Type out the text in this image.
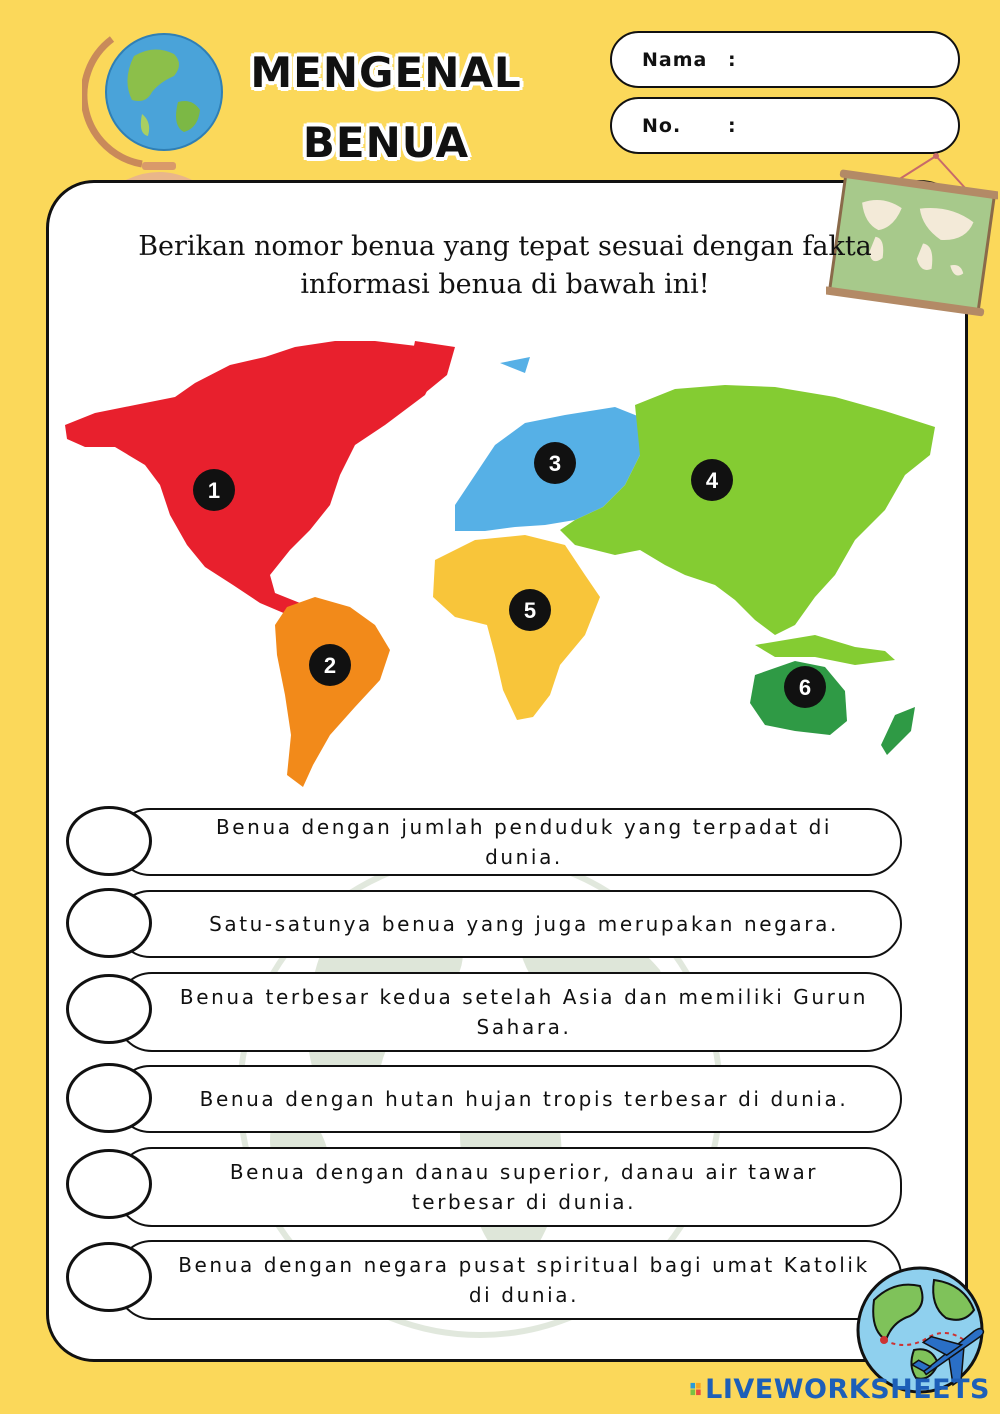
MENGENAL
BENUA
Nama	:
No.	:
Berikan nomor benua yang tepat sesuai dengan fakta informasi benua di bawah ini!
1
2
3
4
5
6
Benua dengan jumlah penduduk yang terpadat di dunia.
Satu-satunya benua yang juga merupakan negara.
Benua terbesar kedua setelah Asia dan memiliki Gurun Sahara.
Benua dengan hutan hujan tropis terbesar di dunia.
Benua dengan danau superior, danau air tawar terbesar di dunia.
Benua dengan negara pusat spiritual bagi umat Katolik di dunia.
LIVEWORKSHEETS
